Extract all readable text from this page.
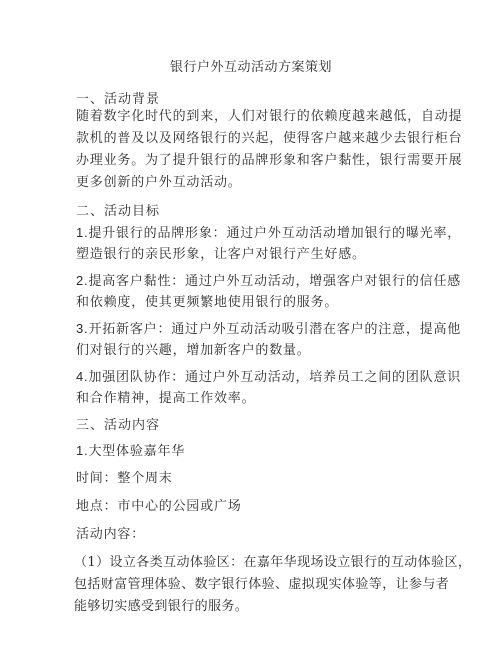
银行户外互动活动方案策划
一、活动背景
随着数字化时代的到来，人们对银行的依赖度越来越低，自动提
款机的普及以及网络银行的兴起，使得客户越来越少去银行柜台
办理业务。为了提升银行的品牌形象和客户黏性，银行需要开展
更多创新的户外互动活动。
二、活动目标
1.提升银行的品牌形象：通过户外互动活动增加银行的曝光率，
塑造银行的亲民形象，让客户对银行产生好感。
2.提高客户黏性：通过户外互动活动，增强客户对银行的信任感
和依赖度，使其更频繁地使用银行的服务。
3.开拓新客户：通过户外互动活动吸引潜在客户的注意，提高他
们对银行的兴趣，增加新客户的数量。
4.加强团队协作：通过户外互动活动，培养员工之间的团队意识
和合作精神，提高工作效率。
三、活动内容
1.大型体验嘉年华
时间：整个周末
地点：市中心的公园或广场
活动内容：
（1）设立各类互动体验区：在嘉年华现场设立银行的互动体验区，
包括财富管理体验、数字银行体验、虚拟现实体验等，让参与者
能够切实感受到银行的服务。
